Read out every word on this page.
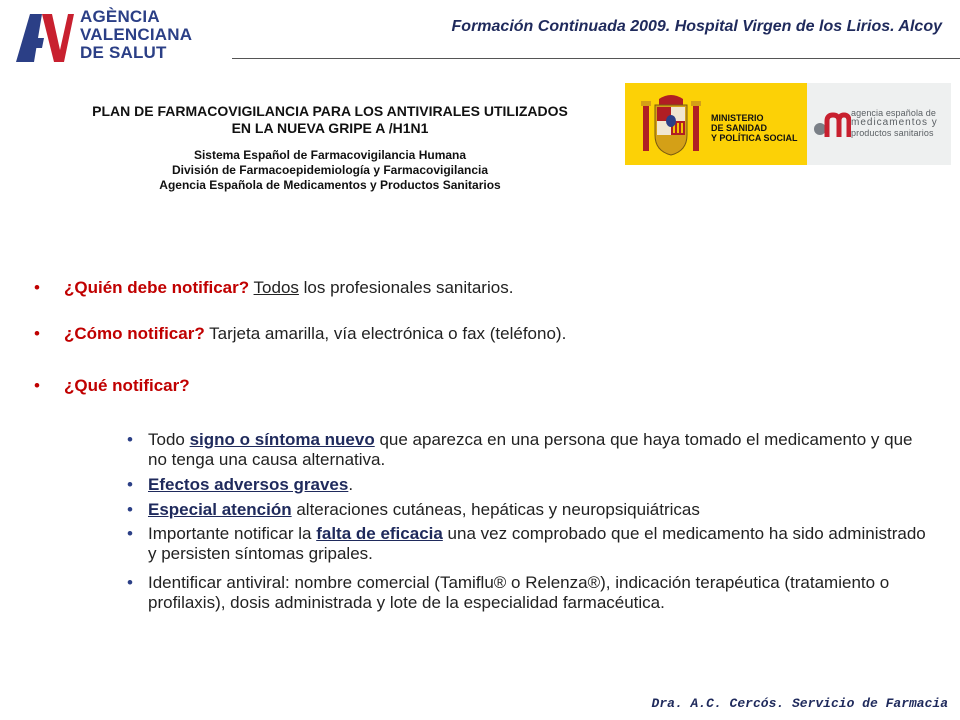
AGÈNCIA
VALENCIANA
DE SALUT
Formación Continuada 2009. Hospital Virgen de los Lirios. Alcoy
PLAN DE FARMACOVIGILANCIA PARA LOS ANTIVIRALES UTILIZADOS
EN LA NUEVA GRIPE A /H1N1
Sistema Español de Farmacovigilancia Humana
División de Farmacoepidemiología y Farmacovigilancia
Agencia Española de Medicamentos y Productos Sanitarios
MINISTERIO
DE SANIDAD
Y POLÍTICA SOCIAL
agencia española de
medicamentos y
productos sanitarios
• ¿Quién debe notificar? Todos los profesionales sanitarios.
• ¿Cómo notificar? Tarjeta amarilla, vía electrónica o fax (teléfono).
• ¿Qué notificar?
• Todo signo o síntoma nuevo que aparezca en una persona que haya tomado el medicamento y que no tenga una causa alternativa.
• Efectos adversos graves.
• Especial atención alteraciones cutáneas, hepáticas y neuropsiquiátricas
• Importante notificar la falta de eficacia una vez comprobado que el medicamento ha sido administrado y persisten síntomas gripales.
• Identificar antiviral: nombre comercial (Tamiflu® o Relenza®), indicación terapéutica (tratamiento o profilaxis), dosis administrada y lote de la especialidad farmacéutica.
Dra. A.C. Cercós. Servicio de Farmacia
